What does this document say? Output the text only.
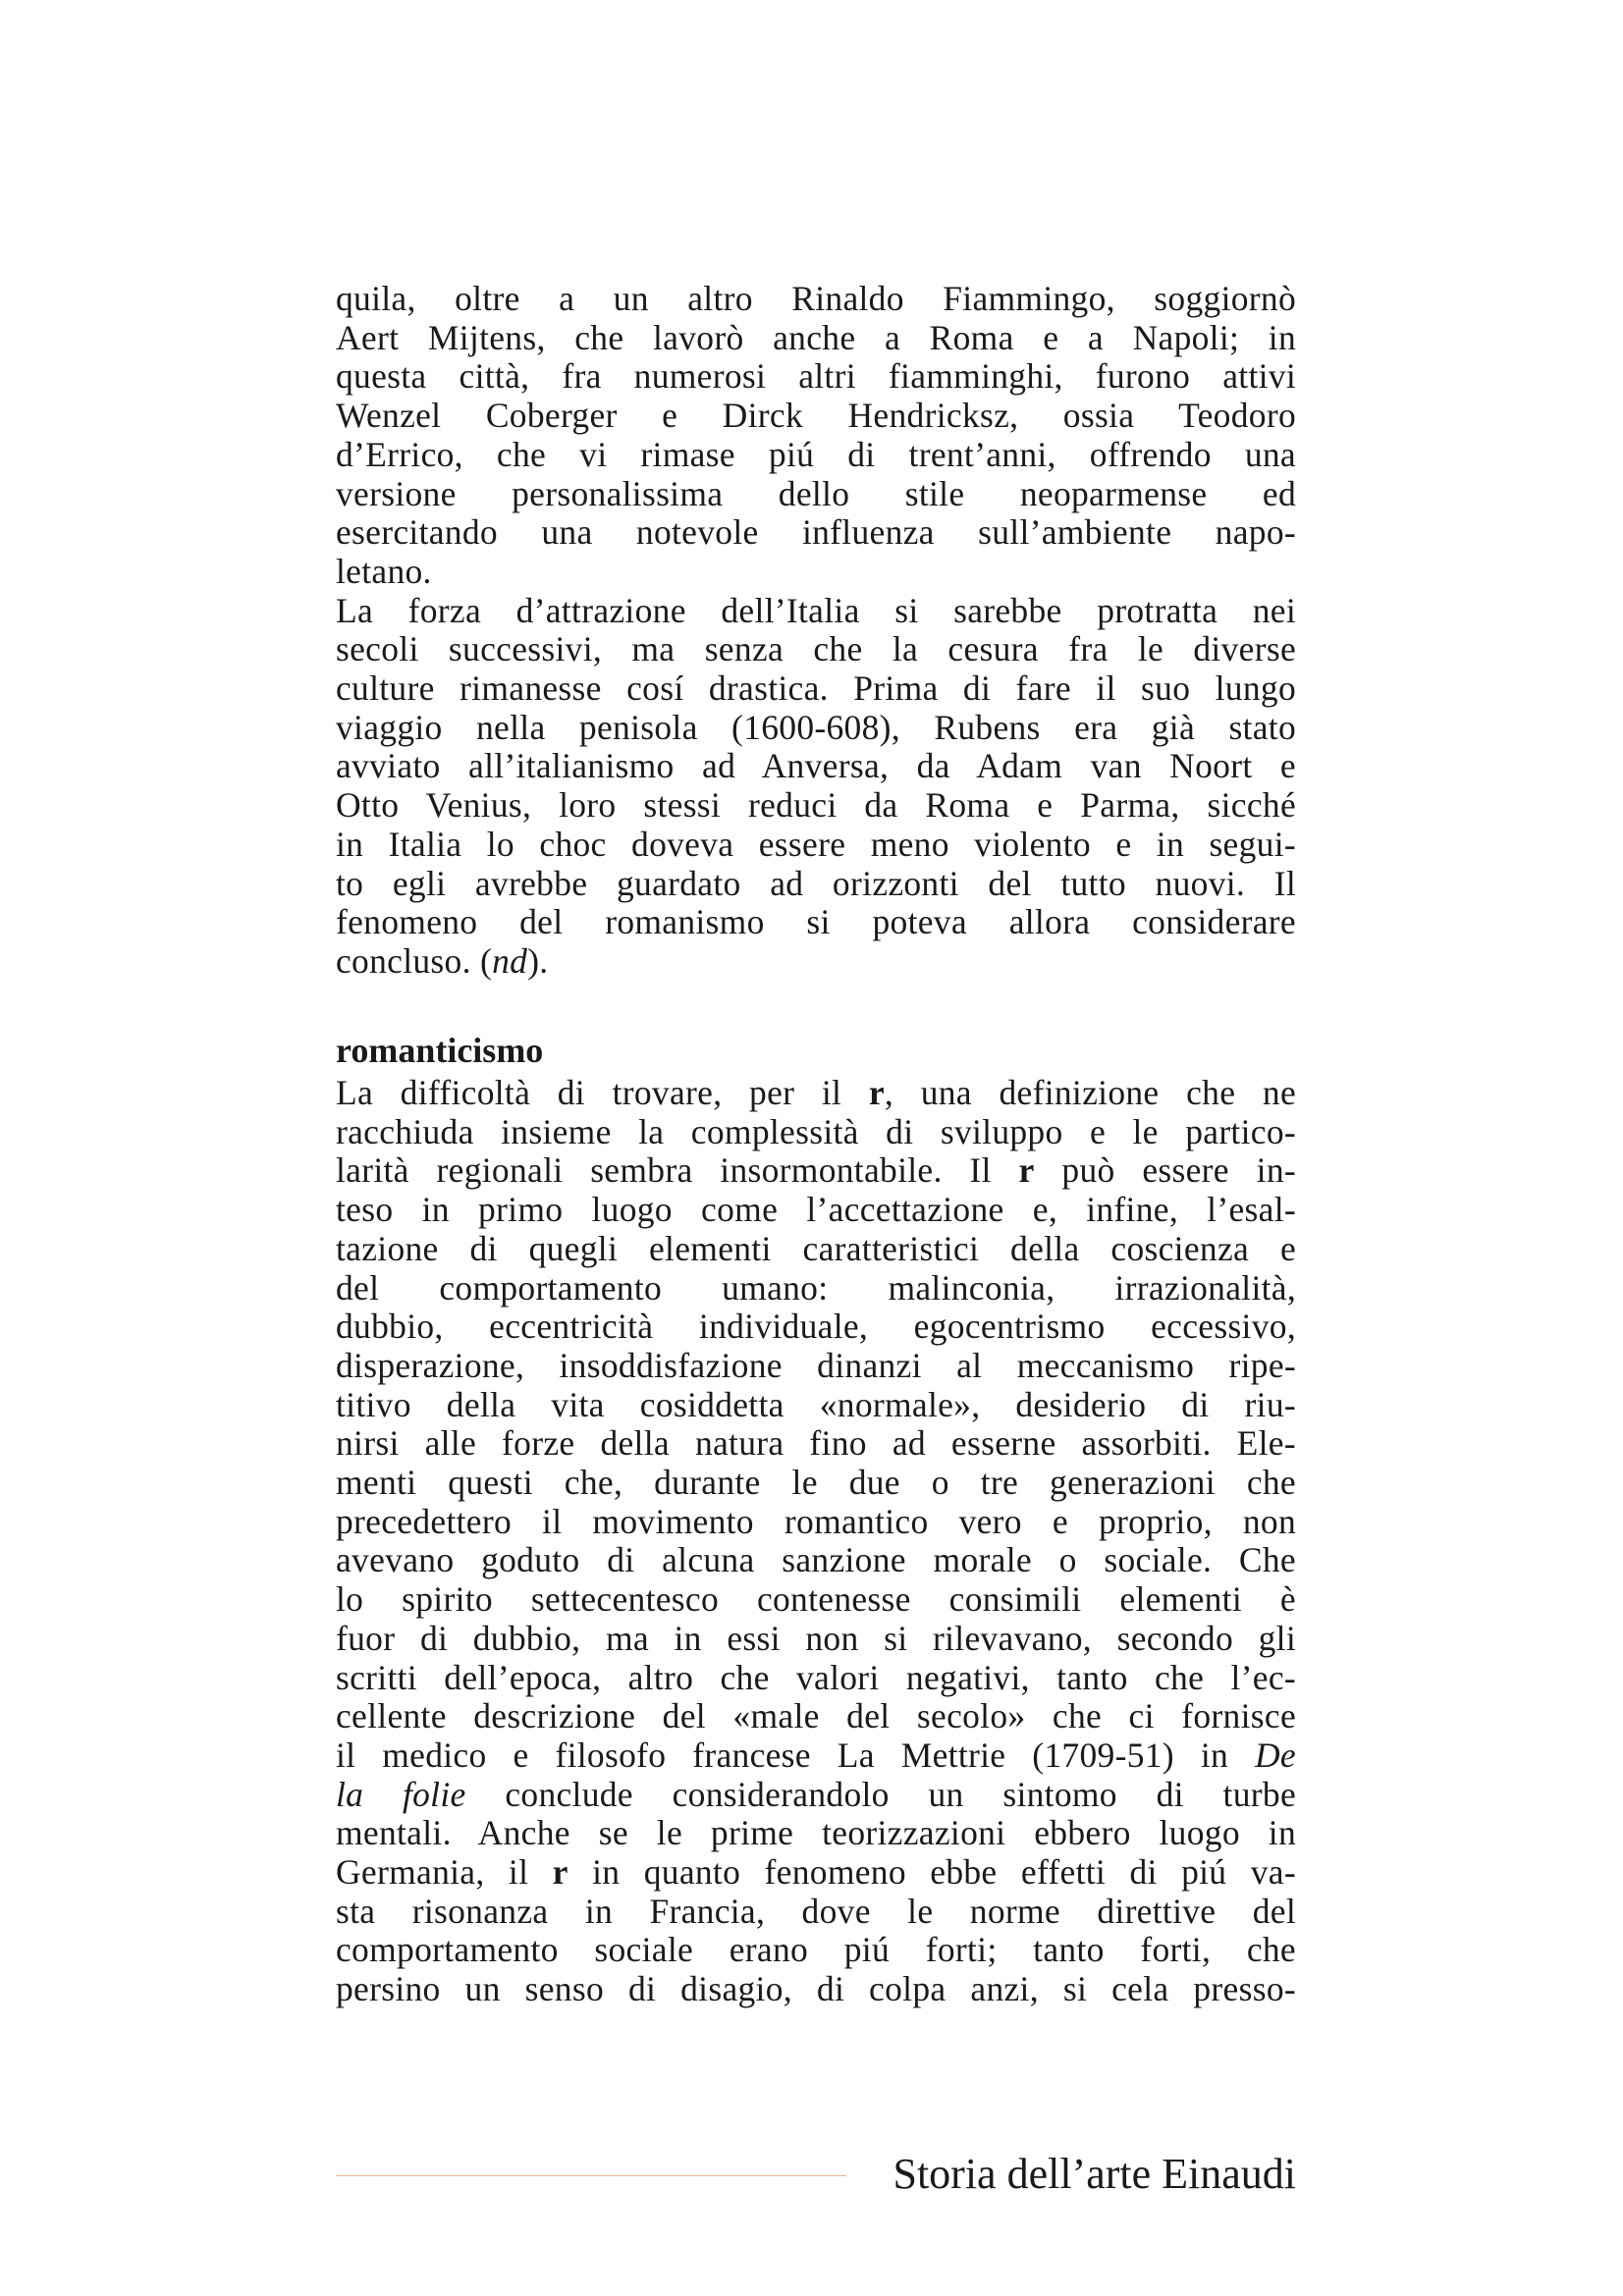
quila, oltre a un altro Rinaldo Fiammingo, soggiornò
Aert Mijtens, che lavorò anche a Roma e a Napoli; in
questa città, fra numerosi altri fiamminghi, furono attivi
Wenzel Coberger e Dirck Hendricksz, ossia Teodoro
d’Errico, che vi rimase piú di trent’anni, offrendo una
versione personalissima dello stile neoparmense ed
esercitando una notevole influenza sull’ambiente napo-
letano.
La forza d’attrazione dell’Italia si sarebbe protratta nei
secoli successivi, ma senza che la cesura fra le diverse
culture rimanesse cosí drastica. Prima di fare il suo lungo
viaggio nella penisola (1600-608), Rubens era già stato
avviato all’italianismo ad Anversa, da Adam van Noort e
Otto Venius, loro stessi reduci da Roma e Parma, sicché
in Italia lo choc doveva essere meno violento e in segui-
to egli avrebbe guardato ad orizzonti del tutto nuovi. Il
fenomeno del romanismo si poteva allora considerare
concluso. (nd).
romanticismo
La difficoltà di trovare, per il r, una definizione che ne
racchiuda insieme la complessità di sviluppo e le partico-
larità regionali sembra insormontabile. Il r può essere in-
teso in primo luogo come l’accettazione e, infine, l’esal-
tazione di quegli elementi caratteristici della coscienza e
del comportamento umano: malinconia, irrazionalità,
dubbio, eccentricità individuale, egocentrismo eccessivo,
disperazione, insoddisfazione dinanzi al meccanismo ripe-
titivo della vita cosiddetta «normale», desiderio di riu-
nirsi alle forze della natura fino ad esserne assorbiti. Ele-
menti questi che, durante le due o tre generazioni che
precedettero il movimento romantico vero e proprio, non
avevano goduto di alcuna sanzione morale o sociale. Che
lo spirito settecentesco contenesse consimili elementi è
fuor di dubbio, ma in essi non si rilevavano, secondo gli
scritti dell’epoca, altro che valori negativi, tanto che l’ec-
cellente descrizione del «male del secolo» che ci fornisce
il medico e filosofo francese La Mettrie (1709-51) in De
la folie conclude considerandolo un sintomo di turbe
mentali. Anche se le prime teorizzazioni ebbero luogo in
Germania, il r in quanto fenomeno ebbe effetti di piú va-
sta risonanza in Francia, dove le norme direttive del
comportamento sociale erano piú forti; tanto forti, che
persino un senso di disagio, di colpa anzi, si cela presso-
Storia dell’arte Einaudi
